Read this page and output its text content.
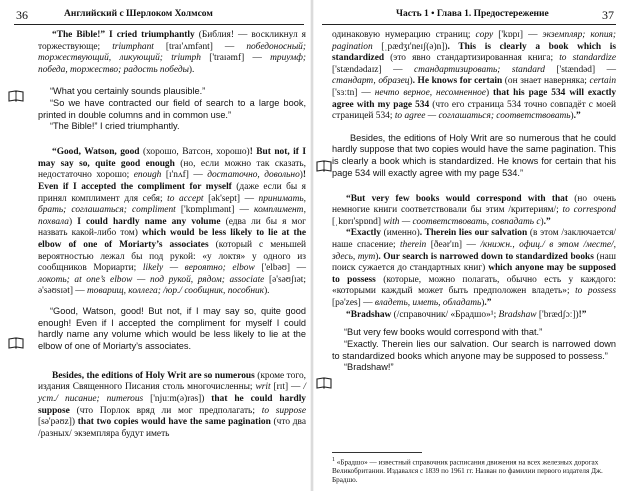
36	Английский с Шерлоком Холмсом

“The Bible!” I cried triumphantly (Библия! — воскликнул я торжествующе; triumphant [traɪ'ʌmfənt] — победоносный; торжествующий, ликующий; triumph ['traɪəmf] — триумф; победа, торжество; радость победы).

“What you certainly sounds plausible.”

“So we have contracted our field of search to a large book, printed in double columns and in common use.”

“The Bible!” I cried triumphantly.

“Good, Watson, good (хорошо, Ватсон, хорошо)! But not, if I may say so, quite good enough (но, если можно так сказать, недостаточно хорошо; enough [ɪ'nʌf] — достаточно, довольно)! Even if I accepted the compliment for myself (даже если бы я принял комплимент для себя; to accept [ək'sept] — принимать, брать; соглашаться; compliment ['kɒmplɪmənt] — комплимент, похвала) I could hardly name any volume (едва ли бы я мог назвать какой-либо том) which would be less likely to lie at the elbow of one of Moriarty’s associates (который с меньшей вероятностью лежал бы под рукой: «у локтя» у одного из сообщников Мориарти; likely — вероятно; elbow ['elbəʊ] — локоть; at one’s elbow — под рукой, рядом; associate [ə'səʊʃɪət; ə'səʊsɪət] — товарищ, коллега; /юр./ сообщник, пособник).

“Good, Watson, good! But not, if I may say so, quite good enough! Even if I accepted the compliment for myself I could hardly name any volume which would be less likely to lie at the elbow of one of Moriarty’s associates.

Besides, the editions of Holy Writ are so numerous (кроме того, издания Священного Писания столь многочисленны; writ [rɪt] — /уст./ писание; numerous ['njuːm(ə)rəs]) that he could hardly suppose (что Порлок вряд ли мог предполагать; to suppose [sə'pəʊz]) that two copies would have the same pagination (что два /разных/ экземпляра будут иметь

Часть 1 • Глава 1. Предостережение	37

одинаковую нумерацию страниц; copy ['kɒpɪ] — экземпляр; копия; pagination [ˌpædʒɪ'neɪʃ(ə)n]). This is clearly a book which is standardized (это явно стандартизированная книга; to standardize ['stændədaɪz] — стандартизировать; standard ['stændəd] — стандарт, образец). He knows for certain (он знает наверняка; certain ['sɜːtn] — нечто верное, несомненное) that his page 534 will exactly agree with my page 534 (что его страница 534 точно совпадёт с моей страницей 534; to agree — соглашаться; соответствовать).”

Besides, the editions of Holy Writ are so numerous that he could hardly suppose that two copies would have the same pagination. This is clearly a book which is standardized. He knows for certain that his page 534 will exactly agree with my page 534.”

“But very few books would correspond with that (но очень немногие книги соответствовали бы этим /критериям/; to correspond [ˌkɒrɪ'spɒnd] with — соответствовать, совпадать с).”

“Exactly (именно). Therein lies our salvation (в этом /заключается/ наше спасение; therein [ðeər'ɪn] — /книжн., офиц./ в этом /месте/, здесь, тут). Our search is narrowed down to standardized books (наш поиск сужается до стандартных книг) which anyone may be supposed to possess (которые, можно полагать, обычно есть у каждого: «которыми каждый может быть предположен владеть»; to possess [pə'zes] — владеть, иметь, обладать).”

“Bradshaw (/справочник/ «Брадшо»¹; Bradshaw ['brædʃɔː])!”

“But very few books would correspond with that.”

“Exactly. Therein lies our salvation. Our search is narrowed down to standardized books which anyone may be supposed to possess.”

“Bradshaw!”

$^1$ «Брадшо» — известный справочник расписания движения на всех железных дорогах Великобритании. Издавался с 1839 по 1961 гг. Назван по фамилии первого издателя Дж. Брадшо.
